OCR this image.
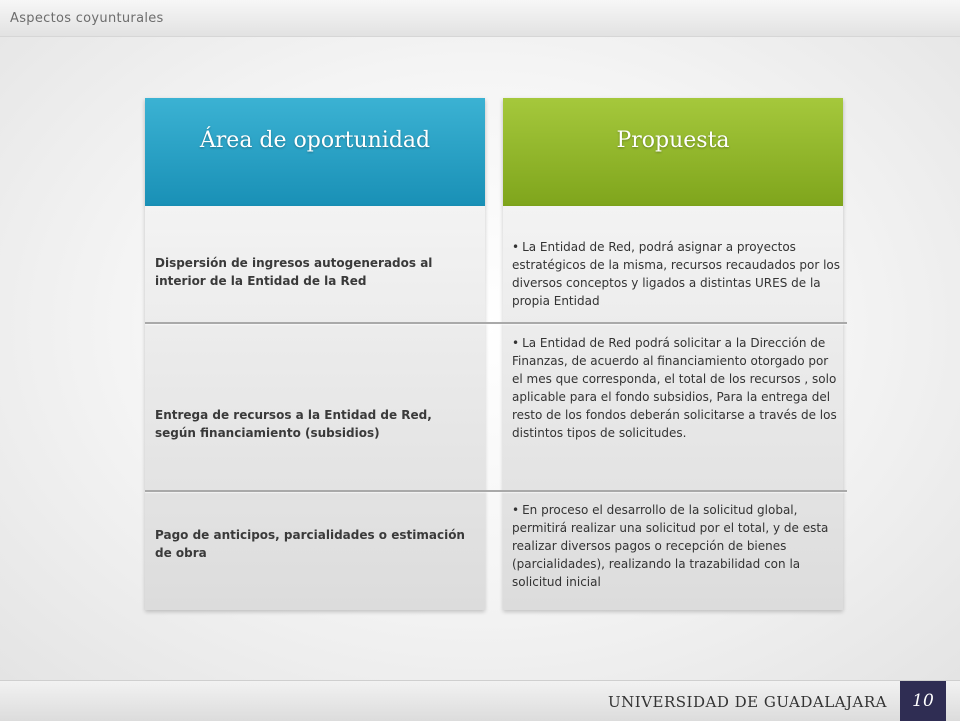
Aspectos coyunturales
Área de oportunidad	Propuesta
Dispersión de ingresos autogenerados al interior de la Entidad de la Red
• La Entidad de Red, podrá asignar a proyectos estratégicos de la misma, recursos recaudados por los diversos conceptos y ligados a distintas URES de la propia Entidad
Entrega de recursos a la Entidad de Red, según financiamiento (subsidios)
• La Entidad de Red podrá solicitar a la Dirección de Finanzas, de acuerdo al financiamiento otorgado por el mes que corresponda, el total de los recursos , solo aplicable para el fondo subsidios, Para la entrega del resto de los fondos deberán solicitarse a través de los distintos tipos de solicitudes.
Pago de anticipos, parcialidades o estimación de obra
• En proceso el desarrollo de la solicitud global, permitirá realizar una solicitud por el total, y de esta realizar diversos pagos o recepción de bienes (parcialidades), realizando la trazabilidad con la solicitud inicial
UNIVERSIDAD DE GUADALAJARA	10
